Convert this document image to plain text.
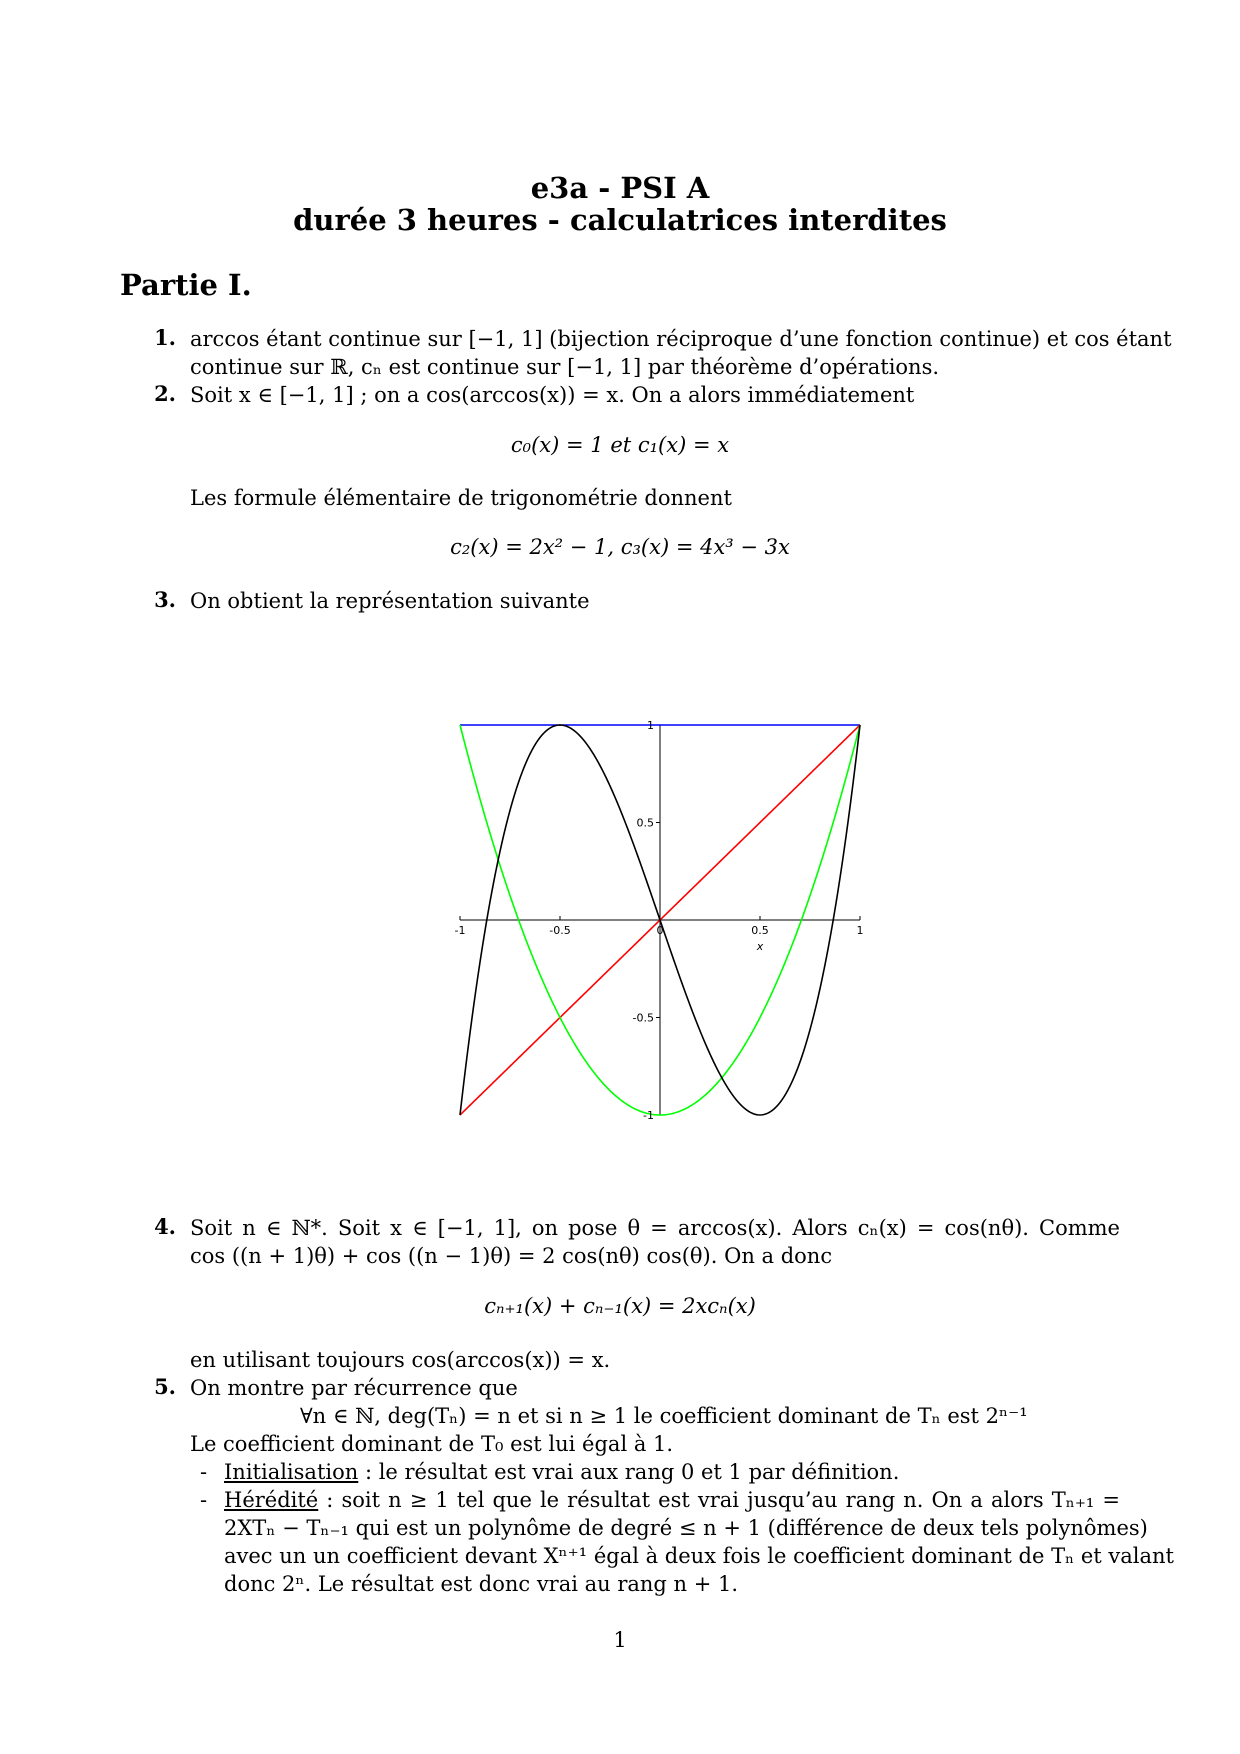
e3a - PSI A
durée 3 heures - calculatrices interdites
Partie I.
1. arccos étant continue sur [−1, 1] (bijection réciproque d’une fonction continue) et cos étant
continue sur ℝ, cₙ est continue sur [−1, 1] par théorème d’opérations.
2. Soit x ∈ [−1, 1] ; on a cos(arccos(x)) = x. On a alors immédiatement
c₀(x) = 1 et c₁(x) = x
Les formule élémentaire de trigonométrie donnent
c₂(x) = 2x² − 1, c₃(x) = 4x³ − 3x
3. On obtient la représentation suivante
-1	-0.5	0	0.5	1
-1
-0.5
0.5
1
x
4. Soit n ∈ ℕ*. Soit x ∈ [−1, 1], on pose θ = arccos(x). Alors cₙ(x) = cos(nθ). Comme
cos ((n + 1)θ) + cos ((n − 1)θ) = 2 cos(nθ) cos(θ). On a donc
cₙ₊₁(x) + cₙ₋₁(x) = 2xcₙ(x)
en utilisant toujours cos(arccos(x)) = x.
5. On montre par récurrence que
∀n ∈ ℕ, deg(Tₙ) = n et si n ≥ 1 le coefficient dominant de Tₙ est 2ⁿ⁻¹
Le coefficient dominant de T₀ est lui égal à 1.
- Initialisation : le résultat est vrai aux rang 0 et 1 par définition.
- Hérédité : soit n ≥ 1 tel que le résultat est vrai jusqu’au rang n. On a alors Tₙ₊₁ =
2XTₙ − Tₙ₋₁ qui est un polynôme de degré ≤ n + 1 (différence de deux tels polynômes)
avec un un coefficient devant Xⁿ⁺¹ égal à deux fois le coefficient dominant de Tₙ et valant
donc 2ⁿ. Le résultat est donc vrai au rang n + 1.
1
